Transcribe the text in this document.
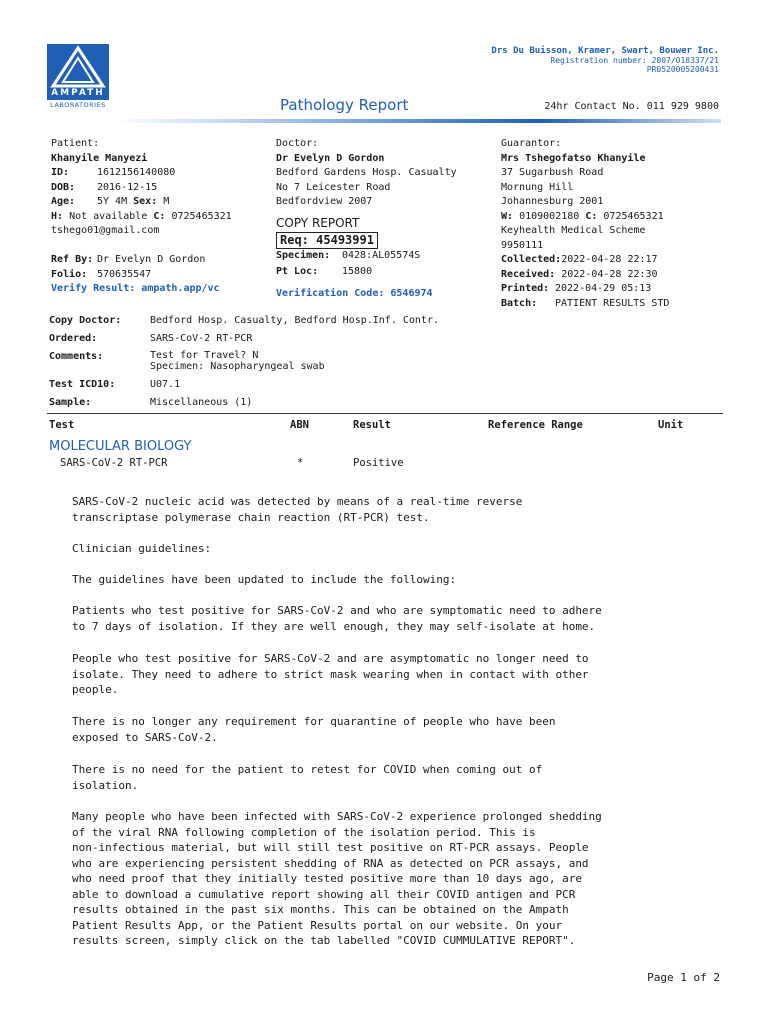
AMPATH
LABORATORIES
Drs Du Buisson, Kramer, Swart, Bouwer Inc.
Registration number: 2007/018337/21
PR0520005200431
Pathology Report	24hr Contact No. 011 929 9800
Patient:
Khanyile Manyezi
ID:	1612156140080
DOB: 2016-12-15
Age: 5Y 4M Sex: M
H: Not available C: 0725465321
tshego01@gmail.com
Ref By: Dr Evelyn D Gordon
Folio: 570635547
Verify Result: ampath.app/vc
Doctor:
Dr Evelyn D Gordon
Bedford Gardens Hosp. Casualty
No 7 Leicester Road
Bedfordview 2007
COPY REPORT
Req: 45493991
Specimen: 0428:AL05574S
Pt Loc: 15800
Verification Code: 6546974
Guarantor:
Mrs Tshegofatso Khanyile
37 Sugarbush Road
Mornung Hill
Johannesburg 2001
W: 0109002180 C: 0725465321
Keyhealth Medical Scheme
9950111
Collected:2022-04-28 22:17
Received: 2022-04-28 22:30
Printed: 2022-04-29 05:13
Batch: PATIENT RESULTS STD
Copy Doctor:	Bedford Hosp. Casualty, Bedford Hosp.Inf. Contr.
Ordered:	SARS-CoV-2 RT-PCR
Comments:	Test for Travel? N
Specimen: Nasopharyngeal swab
Test ICD10:	U07.1
Sample:	Miscellaneous (1)
Test	ABN	Result	Reference Range	Unit
MOLECULAR BIOLOGY
SARS-CoV-2 RT-PCR	*	Positive
SARS-CoV-2 nucleic acid was detected by means of a real-time reverse
transcriptase polymerase chain reaction (RT-PCR) test.
Clinician guidelines:
The guidelines have been updated to include the following:
Patients who test positive for SARS-CoV-2 and who are symptomatic need to adhere
to 7 days of isolation. If they are well enough, they may self-isolate at home.
People who test positive for SARS-CoV-2 and are asymptomatic no longer need to
isolate. They need to adhere to strict mask wearing when in contact with other
people.
There is no longer any requirement for quarantine of people who have been
exposed to SARS-CoV-2.
There is no need for the patient to retest for COVID when coming out of
isolation.
Many people who have been infected with SARS-CoV-2 experience prolonged shedding
of the viral RNA following completion of the isolation period. This is
non-infectious material, but will still test positive on RT-PCR assays. People
who are experiencing persistent shedding of RNA as detected on PCR assays, and
who need proof that they initially tested positive more than 10 days ago, are
able to download a cumulative report showing all their COVID antigen and PCR
results obtained in the past six months. This can be obtained on the Ampath
Patient Results App, or the Patient Results portal on our website. On your
results screen, simply click on the tab labelled "COVID CUMMULATIVE REPORT".
Page 1 of 2
